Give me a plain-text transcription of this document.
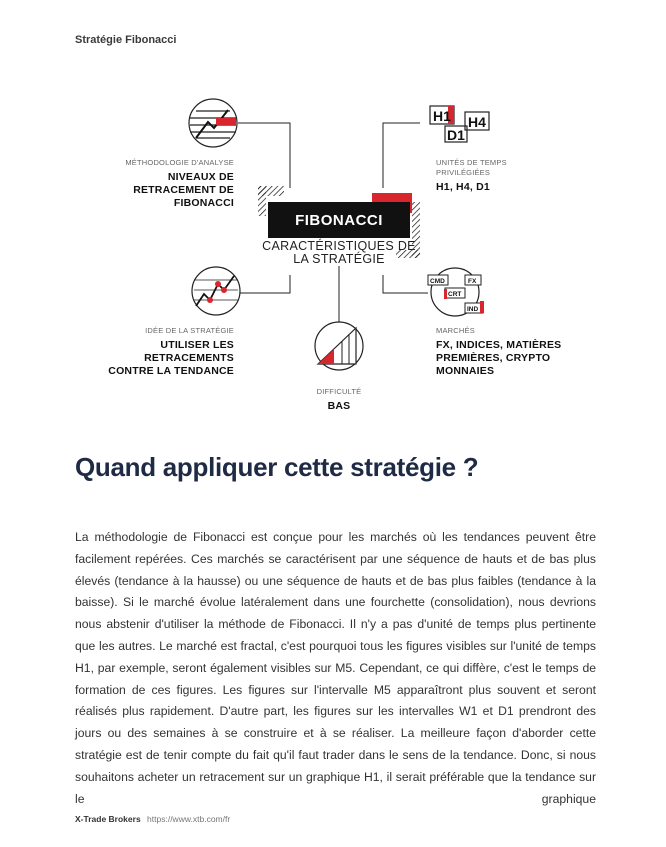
Stratégie Fibonacci
H1 H4
D1
CMD	FX
CRT
IND
MÉTHODOLOGIE D'ANALYSE
NIVEAUX DE RETRACEMENT DE FIBONACCI
UNITÉS DE TEMPS PRIVILÉGIÉES
H1, H4, D1
IDÉE DE LA STRATÉGIE
UTILISER LES RETRACEMENTS CONTRE LA TENDANCE
MARCHÉS
FX, INDICES, MATIÈRES PREMIÈRES, CRYPTO MONNAIES
DIFFICULTÉ
BAS
FIBONACCI
CARACTÉRISTIQUES DE LA STRATÉGIE
Quand appliquer cette stratégie ?

La méthodologie de Fibonacci est conçue pour les marchés où les tendances peuvent être facilement repérées. Ces marchés se caractérisent par une séquence de hauts et de bas plus élevés (tendance à la hausse) ou une séquence de hauts et de bas plus faibles (tendance à la baisse). Si le marché évolue latéralement dans une fourchette (consolidation), nous devrions nous abstenir d'utiliser la méthode de Fibonacci. Il n'y a pas d'unité de temps plus pertinente que les autres. Le marché est fractal, c'est pourquoi tous les figures visibles sur l'unité de temps H1, par exemple, seront également visibles sur M5. Cependant, ce qui diffère, c'est le temps de formation de ces figures. Les figures sur l'intervalle M5 apparaîtront plus souvent et seront réalisés plus rapidement. D'autre part, les figures sur les intervalles W1 et D1 prendront des jours ou des semaines à se construire et à se réaliser. La meilleure façon d'aborder cette stratégie est de tenir compte du fait qu'il faut trader dans le sens de la tendance. Donc, si nous souhaitons acheter un retracement sur un graphique H1, il serait préférable que la tendance sur le graphique

X-Trade Brokers https://www.xtb.com/fr
